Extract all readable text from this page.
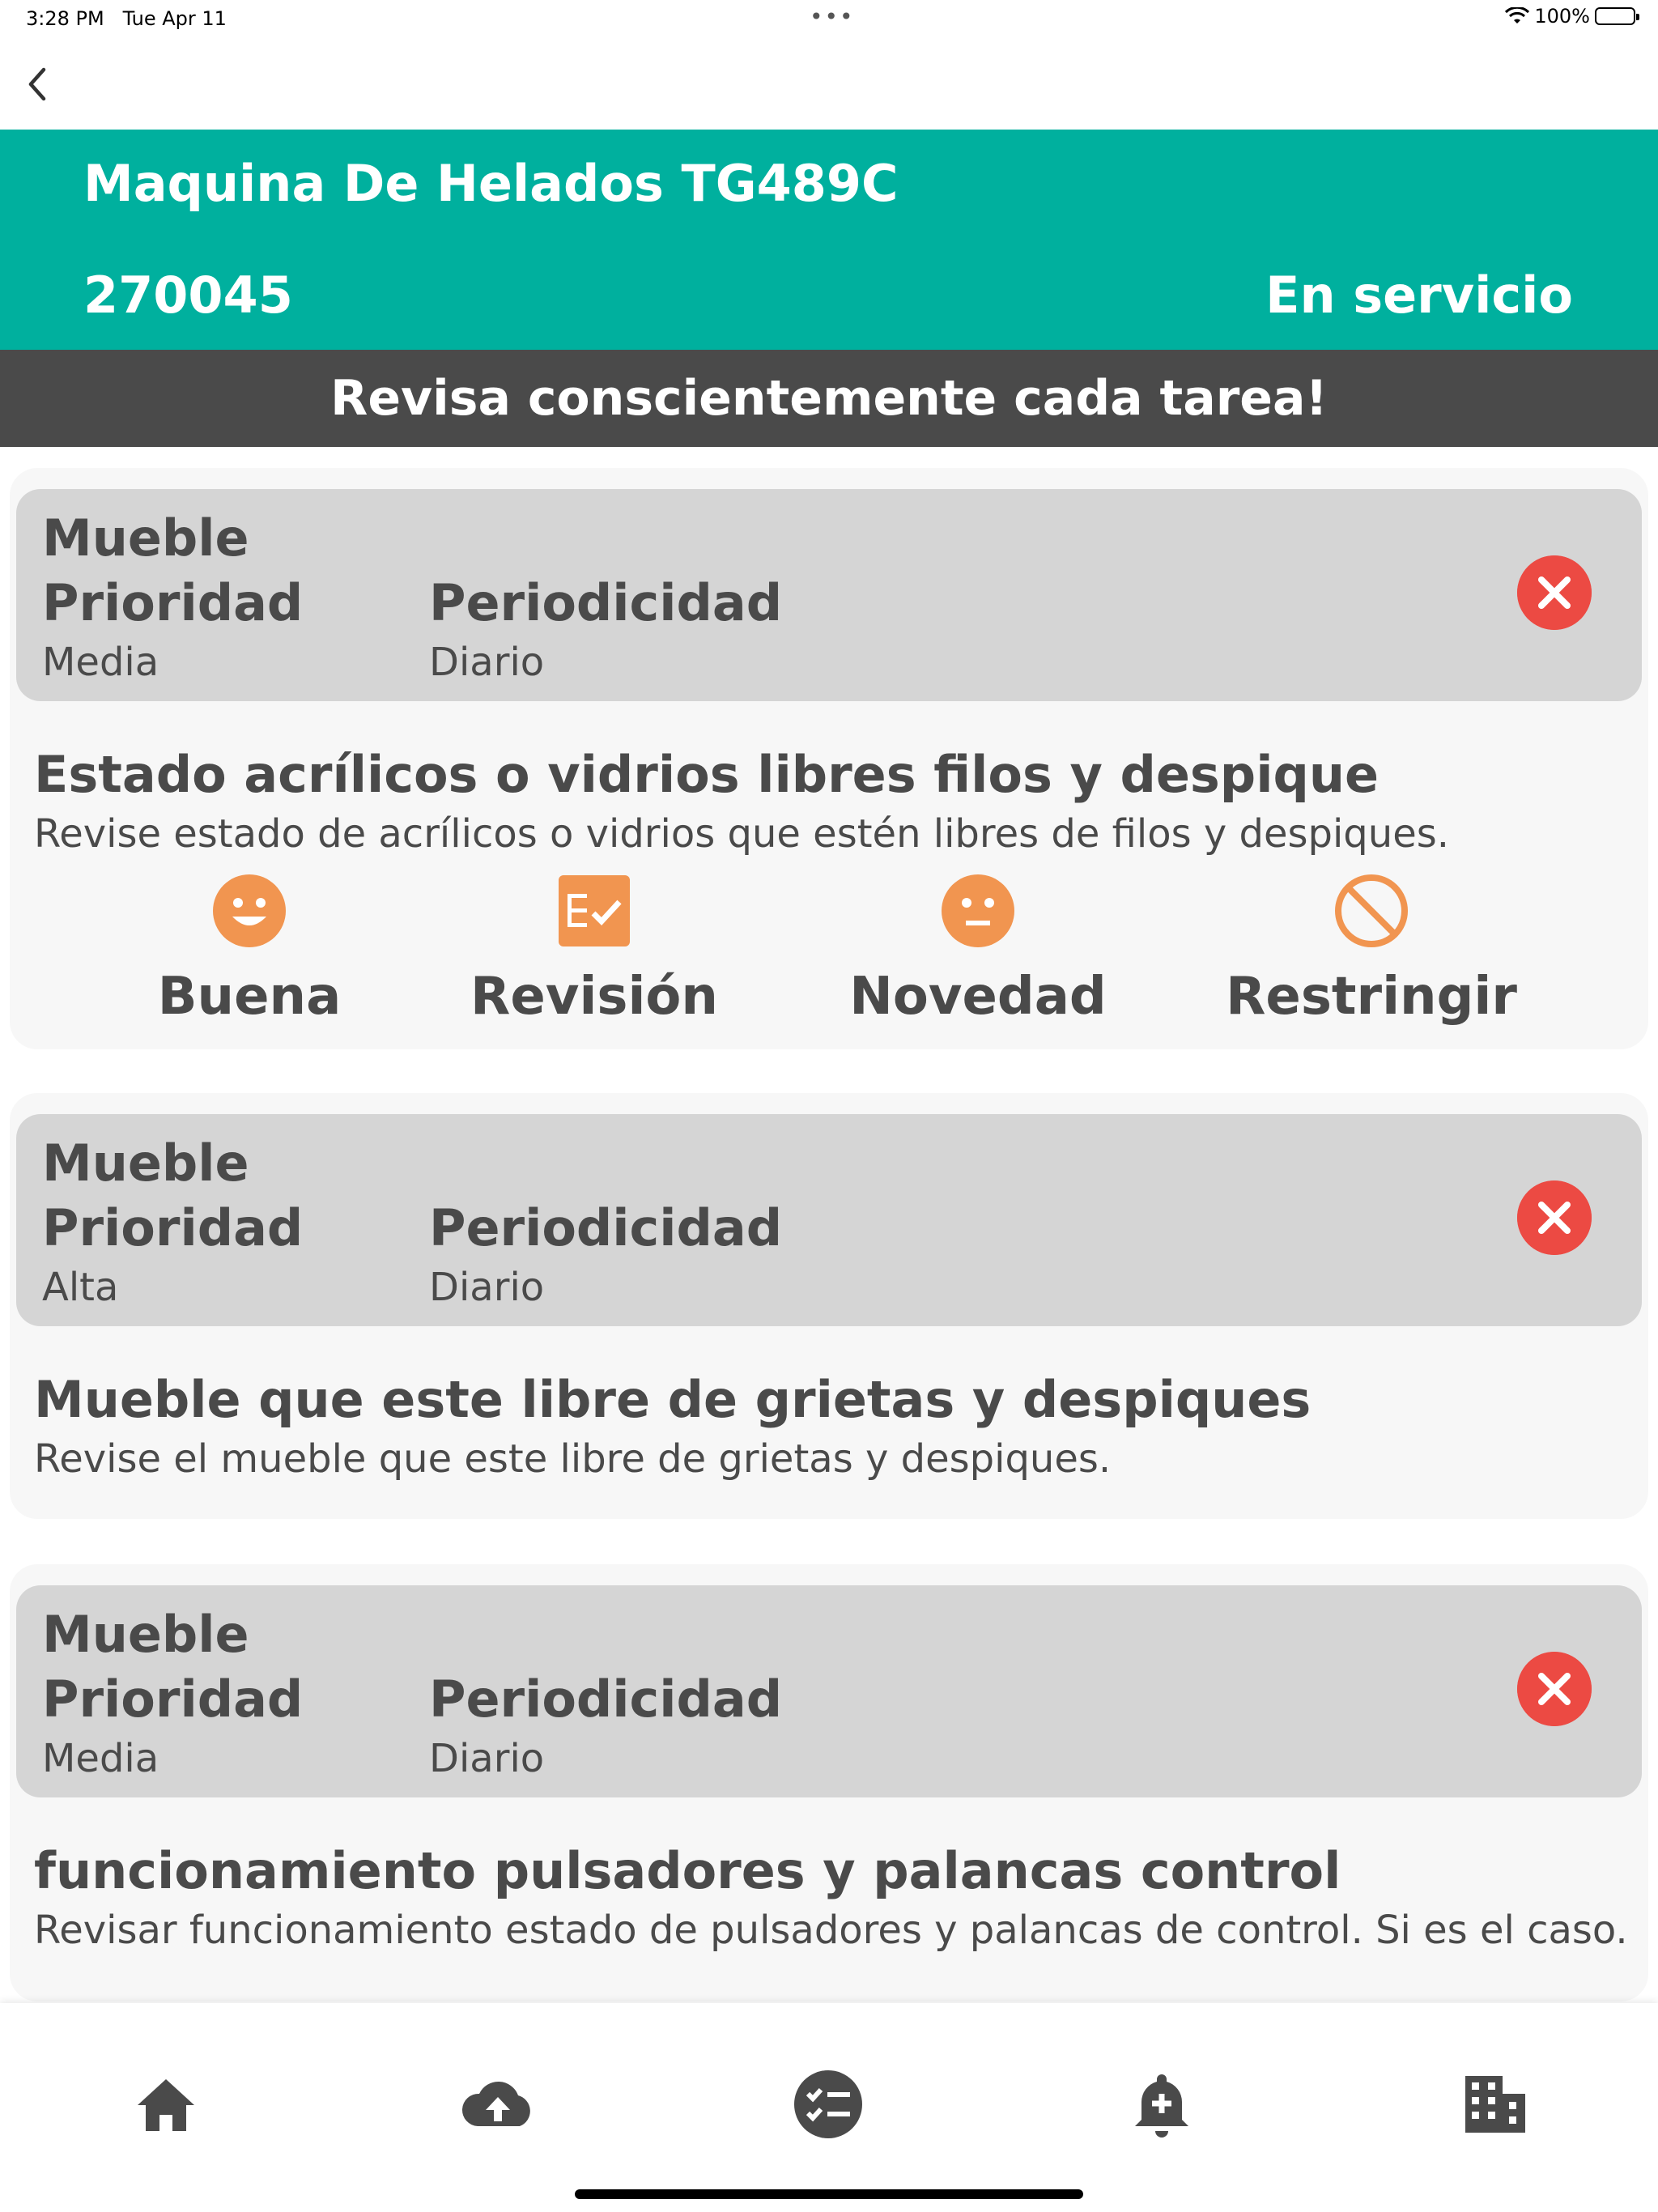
3:28 PM Tue Apr 11	•••	100%
Maquina De Helados TG489C
270045	En servicio
Revisa conscientemente cada tarea!
Mueble
Prioridad	Periodicidad
Media	Diario
Estado acrílicos o vidrios libres filos y despique
Revise estado de acrílicos o vidrios que estén libres de filos y despiques.
Buena	Revisión	Novedad	Restringir
Mueble
Prioridad	Periodicidad
Alta	Diario
Mueble que este libre de grietas y despiques
Revise el mueble que este libre de grietas y despiques.
Mueble
Prioridad	Periodicidad
Media	Diario
funcionamiento pulsadores y palancas control
Revisar funcionamiento estado de pulsadores y palancas de control. Si es el caso.
